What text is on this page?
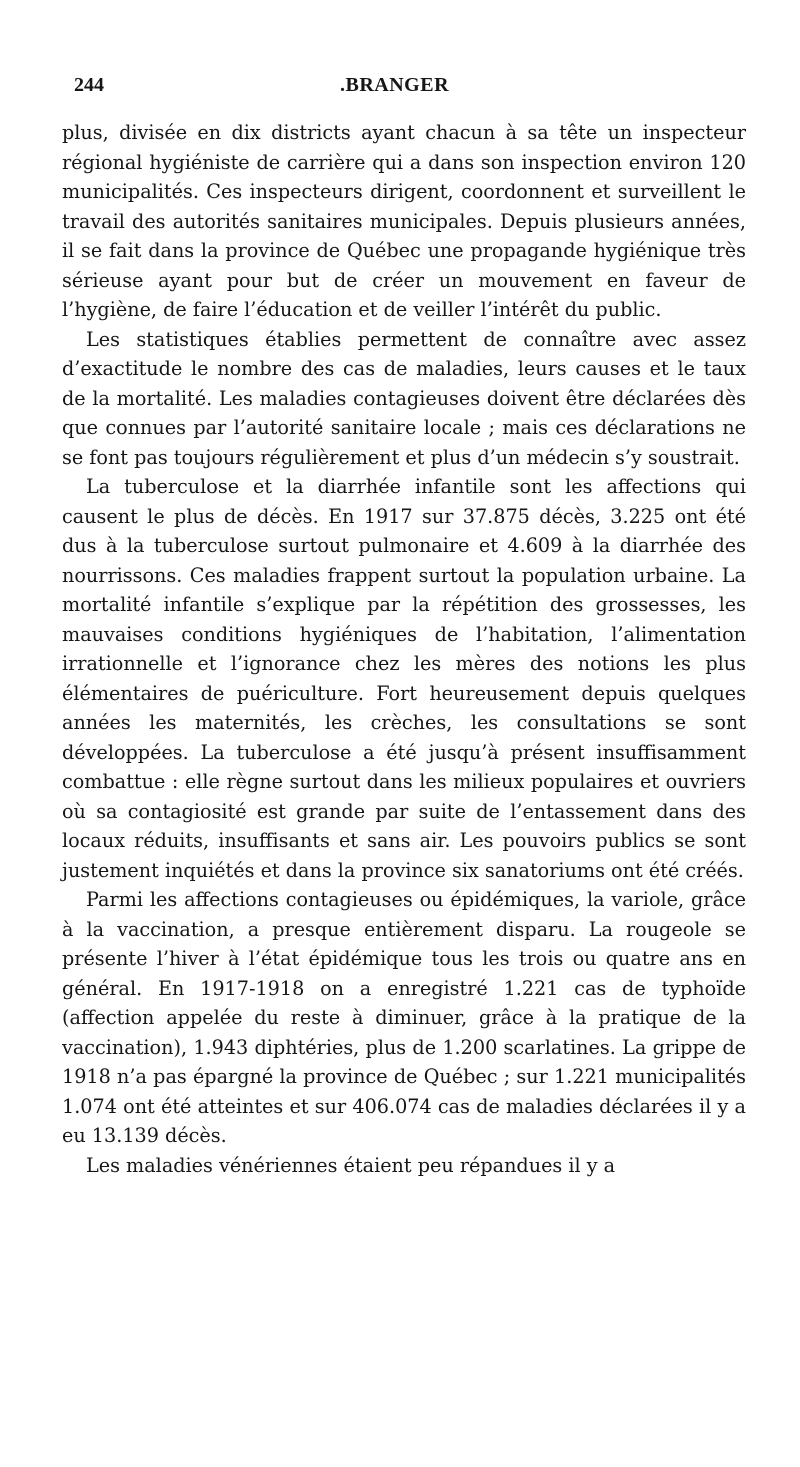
244	.BRANGER

plus, divisée en dix districts ayant chacun à sa tête un inspecteur régional hygiéniste de carrière qui a dans son inspection environ 120 municipalités. Ces inspecteurs dirigent, coordonnent et surveillent le travail des autorités sanitaires municipales. Depuis plusieurs années, il se fait dans la province de Québec une propagande hygiénique très sérieuse ayant pour but de créer un mouvement en faveur de l’hygiène, de faire l’éducation et de veiller l’intérêt du public.

Les statistiques établies permettent de connaître avec assez d’exactitude le nombre des cas de maladies, leurs causes et le taux de la mortalité. Les maladies contagieuses doivent être déclarées dès que connues par l’autorité sanitaire locale ; mais ces déclarations ne se font pas toujours régulièrement et plus d’un médecin s’y soustrait.

La tuberculose et la diarrhée infantile sont les affections qui causent le plus de décès. En 1917 sur 37.875 décès, 3.225 ont été dus à la tuberculose surtout pulmonaire et 4.609 à la diarrhée des nourrissons. Ces maladies frappent surtout la population urbaine. La mortalité infantile s’explique par la répétition des grossesses, les mauvaises conditions hygiéniques de l’habitation, l’alimentation irrationnelle et l’ignorance chez les mères des notions les plus élémentaires de puériculture. Fort heureusement depuis quelques années les maternités, les crèches, les consultations se sont développées. La tuberculose a été jusqu’à présent insuffisamment combattue : elle règne surtout dans les milieux populaires et ouvriers où sa contagiosité est grande par suite de l’entassement dans des locaux réduits, insuffisants et sans air. Les pouvoirs publics se sont justement inquiétés et dans la province six sanatoriums ont été créés.

Parmi les affections contagieuses ou épidémiques, la variole, grâce à la vaccination, a presque entièrement disparu. La rougeole se présente l’hiver à l’état épidémique tous les trois ou quatre ans en général. En 1917-1918 on a enregistré 1.221 cas de typhoïde (affection appelée du reste à diminuer, grâce à la pratique de la vaccination), 1.943 diphtéries, plus de 1.200 scarlatines. La grippe de 1918 n’a pas épargné la province de Québec ; sur 1.221 municipalités 1.074 ont été atteintes et sur 406.074 cas de maladies déclarées il y a eu 13.139 décès.

Les maladies vénériennes étaient peu répandues il y a
